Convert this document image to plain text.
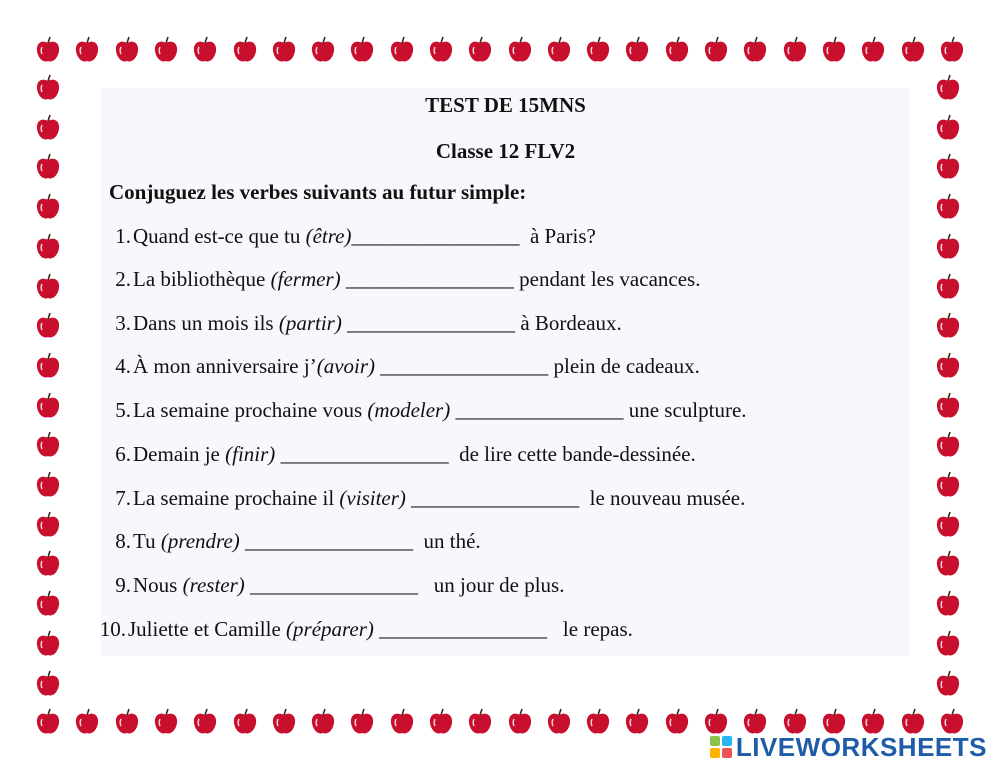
TEST DE 15MNS
Classe 12 FLV2
Conjuguez les verbes suivants au futur simple:
1.Quand est-ce que tu (être)________________  à Paris?
2.La bibliothèque (fermer) ________________ pendant les vacances.
3.Dans un mois ils (partir) ________________ à Bordeaux.
4.À mon anniversaire j’(avoir) ________________ plein de cadeaux.
5.La semaine prochaine vous (modeler) ________________ une sculpture.
6.Demain je (finir) ________________  de lire cette bande-dessinée.
7.La semaine prochaine il (visiter) ________________  le nouveau musée.
8.Tu (prendre) ________________  un thé.
9.Nous (rester) ________________   un jour de plus.
10.Juliette et Camille (préparer) ________________   le repas.
LIVEWORKSHEETS
